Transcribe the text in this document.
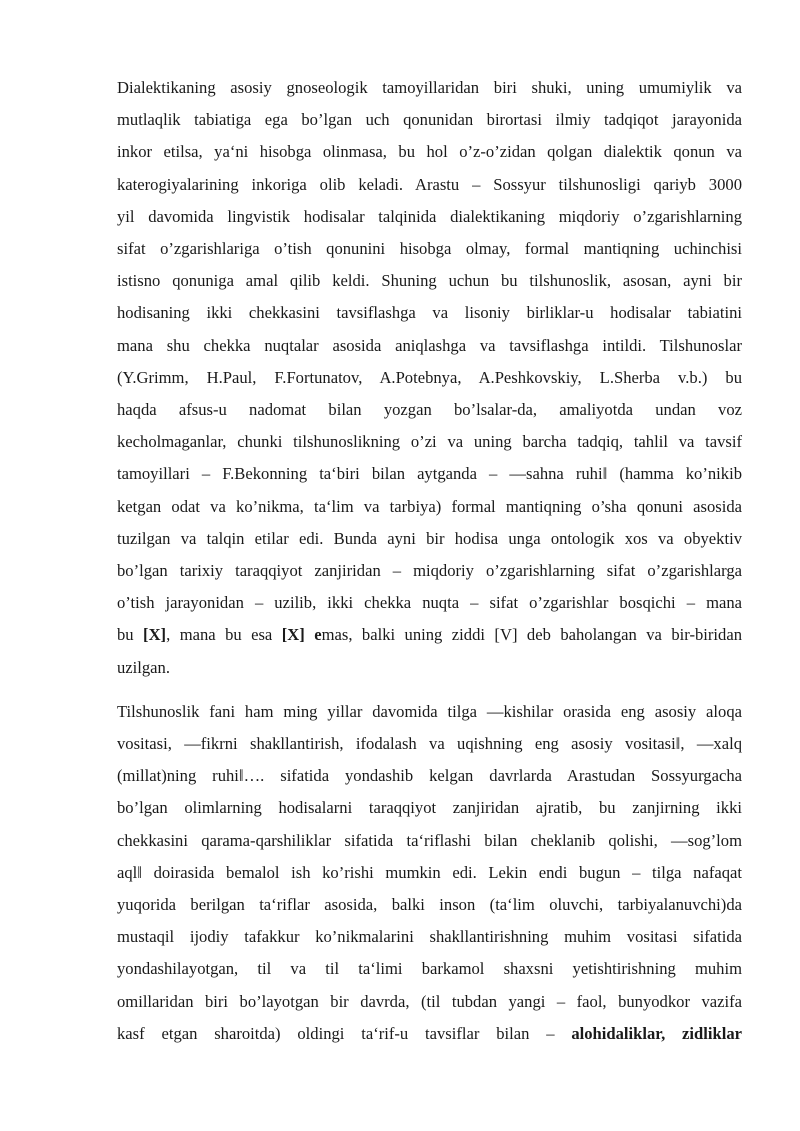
Dialektikaning asosiy gnoseologik tamoyillaridan biri shuki, uning umumiylik va
mutlaqlik tabiatiga ega bo’lgan uch qonunidan birortasi ilmiy tadqiqot jarayonida
inkor etilsa, ya‘ni hisobga olinmasa, bu hol o’z-o’zidan qolgan dialektik qonun va
katerogiyalarining inkoriga olib keladi. Arastu – Sossyur tilshunosligi qariyb 3000
yil davomida lingvistik hodisalar talqinida dialektikaning miqdoriy o’zgarishlarning
sifat o’zgarishlariga o’tish qonunini hisobga olmay, formal mantiqning uchinchisi
istisno qonuniga amal qilib keldi. Shuning uchun bu tilshunoslik, asosan, ayni bir
hodisaning ikki chekkasini tavsiflashga va lisoniy birliklar-u hodisalar tabiatini
mana shu chekka nuqtalar asosida aniqlashga va tavsiflashga intildi. Tilshunoslar
(Y.Grimm, H.Paul, F.Fortunatov, A.Potebnya, A.Peshkovskiy, L.Sherba v.b.) bu
haqda afsus-u nadomat bilan yozgan bo’lsalar-da, amaliyotda undan voz
kecholmaganlar, chunki tilshunoslikning o’zi va uning barcha tadqiq, tahlil va tavsif
tamoyillari – F.Bekonning ta‘biri bilan aytganda – ―sahna ruhi‖ (hamma ko’nikib
ketgan odat va ko’nikma, ta‘lim va tarbiya) formal mantiqning o’sha qonuni asosida
tuzilgan va talqin etilar edi. Bunda ayni bir hodisa unga ontologik xos va obyektiv
bo’lgan tarixiy taraqqiyot zanjiridan – miqdoriy o’zgarishlarning sifat o’zgarishlarga
o’tish jarayonidan – uzilib, ikki chekka nuqta – sifat o’zgarishlar bosqichi – mana
bu [X], mana bu esa [X] emas, balki uning ziddi [V] deb baholangan va bir-biridan
uzilgan.

Tilshunoslik fani ham ming yillar davomida tilga ―kishilar orasida eng asosiy aloqa
vositasi, ―fikrni shakllantirish, ifodalash va uqishning eng asosiy vositasi‖, ―xalq
(millat)ning ruhi‖…. sifatida yondashib kelgan davrlarda Arastudan Sossyurgacha
bo’lgan olimlarning hodisalarni taraqqiyot zanjiridan ajratib, bu zanjirning ikki
chekkasini qarama-qarshiliklar sifatida ta‘riflashi bilan cheklanib qolishi, ―sog’lom
aql‖ doirasida bemalol ish ko’rishi mumkin edi. Lekin endi bugun – tilga nafaqat
yuqorida berilgan ta‘riflar asosida, balki inson (ta‘lim oluvchi, tarbiyalanuvchi)da
mustaqil ijodiy tafakkur ko’nikmalarini shakllantirishning muhim vositasi sifatida
yondashilayotgan, til va til ta‘limi barkamol shaxsni yetishtirishning muhim
omillaridan biri bo’layotgan bir davrda, (til tubdan yangi – faol, bunyodkor vazifa
kasf etgan sharoitda) oldingi ta‘rif-u tavsiflar bilan – alohidaliklar, zidliklar
